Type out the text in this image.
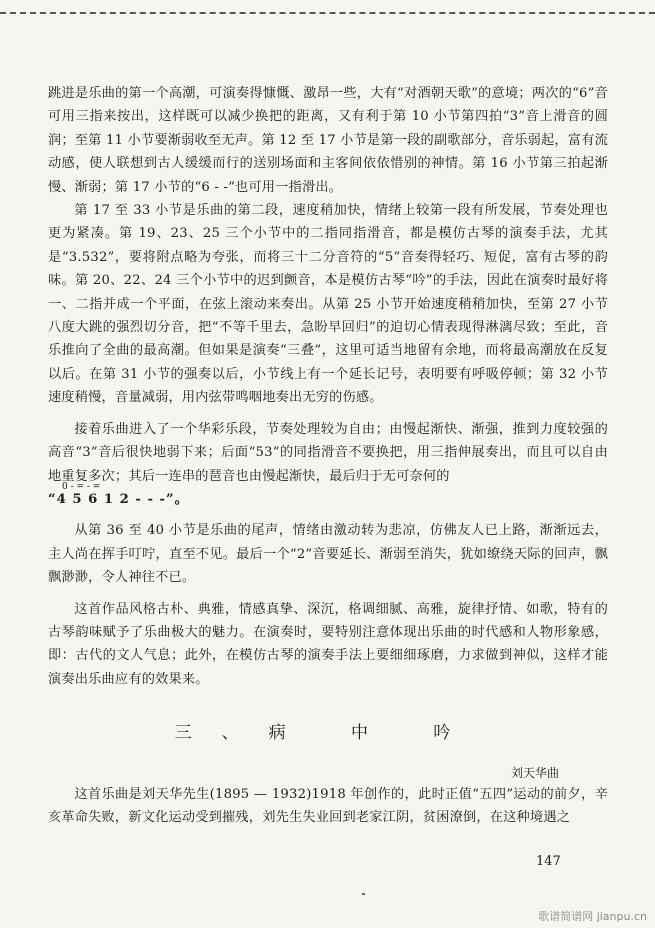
跳进是乐曲的第一个高潮，可演奏得慷慨、激昂一些，大有“对酒朝天歌”的意境；两次的“6”音可用三指来按出，这样既可以减少换把的距离，又有利于第 10 小节第四拍“3”音上滑音的圆润；至第 11 小节要渐弱收至无声。第 12 至 17 小节是第一段的副歌部分，音乐弱起，富有流动感，使人联想到古人缓缓而行的送别场面和主客间依依惜别的神情。第 16 小节第三拍起渐慢、渐弱；第 17 小节的“6 - -”也可用一指滑出。

第 17 至 33 小节是乐曲的第二段，速度稍加快，情绪上较第一段有所发展，节奏处理也更为紧凑。第 19、23、25 三个小节中的二指同指滑音，都是模仿古琴的演奏手法，尤其是“3.532”，要将附点略为夸张，而将三十二分音符的“5”音奏得轻巧、短促，富有古琴的韵味。第 20、22、24 三个小节中的迟到颤音，本是模仿古琴“吟”的手法，因此在演奏时最好将一、二指并成一个平面，在弦上滚动来奏出。从第 25 小节开始速度稍稍加快，至第 27 小节八度大跳的强烈切分音，把“不等千里去，急盼早回归”的迫切心情表现得淋漓尽致；至此，音乐推向了全曲的最高潮。但如果是演奏“三叠”，这里可适当地留有余地，而将最高潮放在反复以后。在第 31 小节的强奏以后，小节线上有一个延长记号，表明要有呼吸停顿；第 32 小节速度稍慢，音量减弱，用内弦带鸣咽地奏出无穷的伤感。

接着乐曲进入了一个华彩乐段，节奏处理较为自由；由慢起渐快、渐强，推到力度较强的高音“3”音后很快地弱下来；后面“53”的同指滑音不要换把，用三指伸展奏出，而且可以自由地重复多次；其后一连串的琶音也由慢起渐快，最后归于无可奈何的

0 - = - =
“4 5 6 1 2 - - -”。

从第 36 至 40 小节是乐曲的尾声，情绪由激动转为悲凉，仿佛友人已上路，渐渐远去，主人尚在挥手叮咛，直至不见。最后一个“2”音要延长、渐弱至消失，犹如缭绕天际的回声，飘飘渺渺，令人神往不已。

这首作品风格古朴、典雅，情感真挚、深沉，格调细腻、高雅，旋律抒情、如歌，特有的古琴韵味赋予了乐曲极大的魅力。在演奏时，要特别注意体现出乐曲的时代感和人物形象感，即：古代的文人气息；此外，在模仿古琴的演奏手法上要细细琢磨，力求做到神似，这样才能演奏出乐曲应有的效果来。

三、病 中 吟
刘天华曲

这首乐曲是刘天华先生(1895 — 1932)1918 年创作的，此时正值“五四”运动的前夕，辛亥革命失败，新文化运动受到摧残，刘先生失业回到老家江阴，贫困潦倒，在这种境遇之

147
歌谱简谱网 jianpu.cn
